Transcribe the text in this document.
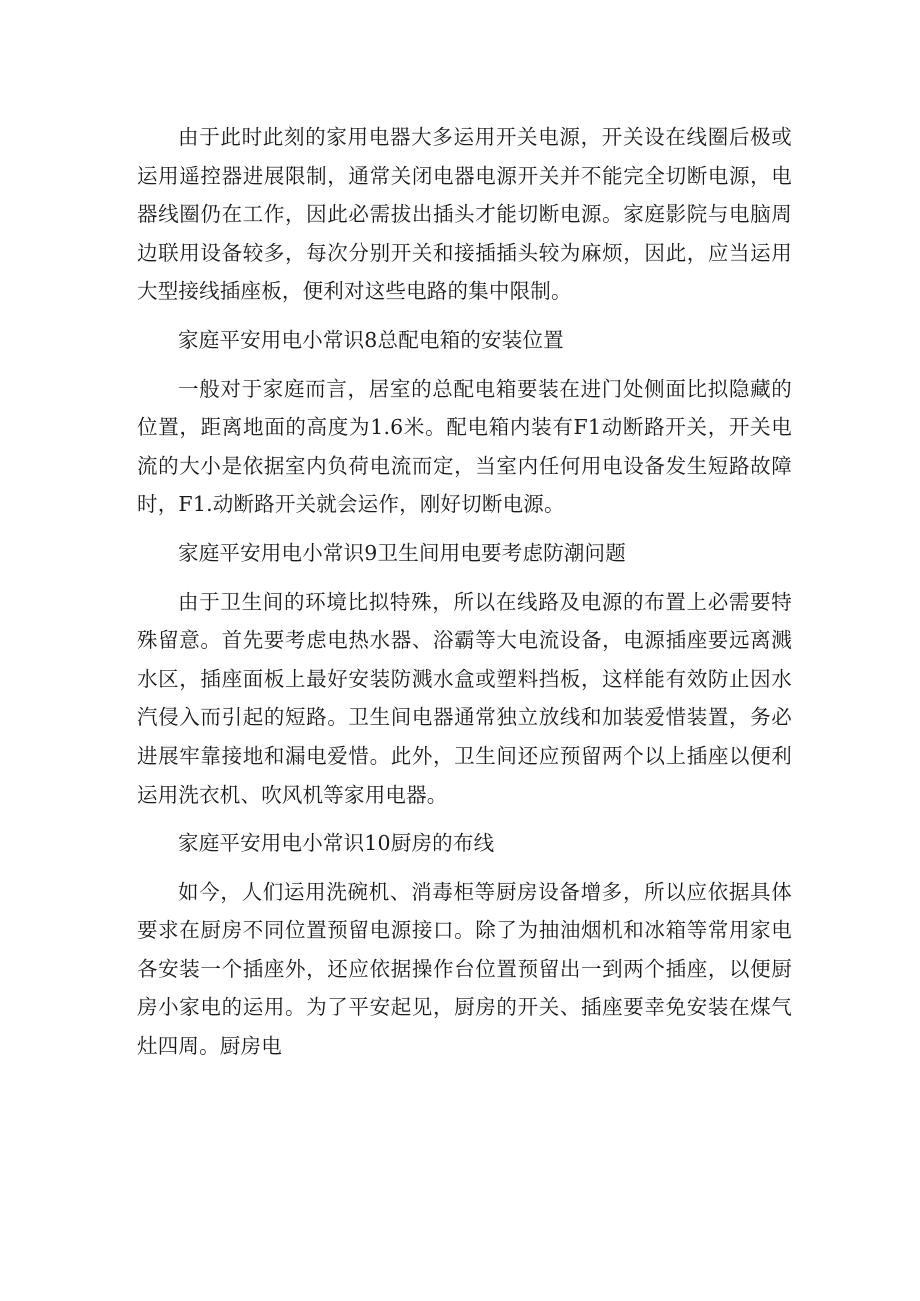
由于此时此刻的家用电器大多运用开关电源，开关设在线圈后极或运用遥控器进展限制，通常关闭电器电源开关并不能完全切断电源，电器线圈仍在工作，因此必需拔出插头才能切断电源。家庭影院与电脑周边联用设备较多，每次分别开关和接插插头较为麻烦，因此，应当运用大型接线插座板，便利对这些电路的集中限制。

家庭平安用电小常识8总配电箱的安装位置

一般对于家庭而言，居室的总配电箱要装在进门处侧面比拟隐藏的位置，距离地面的高度为1.6米。配电箱内装有F1动断路开关，开关电流的大小是依据室内负荷电流而定，当室内任何用电设备发生短路故障时，F1.动断路开关就会运作，刚好切断电源。

家庭平安用电小常识9卫生间用电要考虑防潮问题

由于卫生间的环境比拟特殊，所以在线路及电源的布置上必需要特殊留意。首先要考虑电热水器、浴霸等大电流设备，电源插座要远离溅水区，插座面板上最好安装防溅水盒或塑料挡板，这样能有效防止因水汽侵入而引起的短路。卫生间电器通常独立放线和加装爱惜装置，务必进展牢靠接地和漏电爱惜。此外，卫生间还应预留两个以上插座以便利运用洗衣机、吹风机等家用电器。

家庭平安用电小常识10厨房的布线

如今，人们运用洗碗机、消毒柜等厨房设备增多，所以应依据具体要求在厨房不同位置预留电源接口。除了为抽油烟机和冰箱等常用家电各安装一个插座外，还应依据操作台位置预留出一到两个插座，以便厨房小家电的运用。为了平安起见，厨房的开关、插座要幸免安装在煤气灶四周。厨房电
